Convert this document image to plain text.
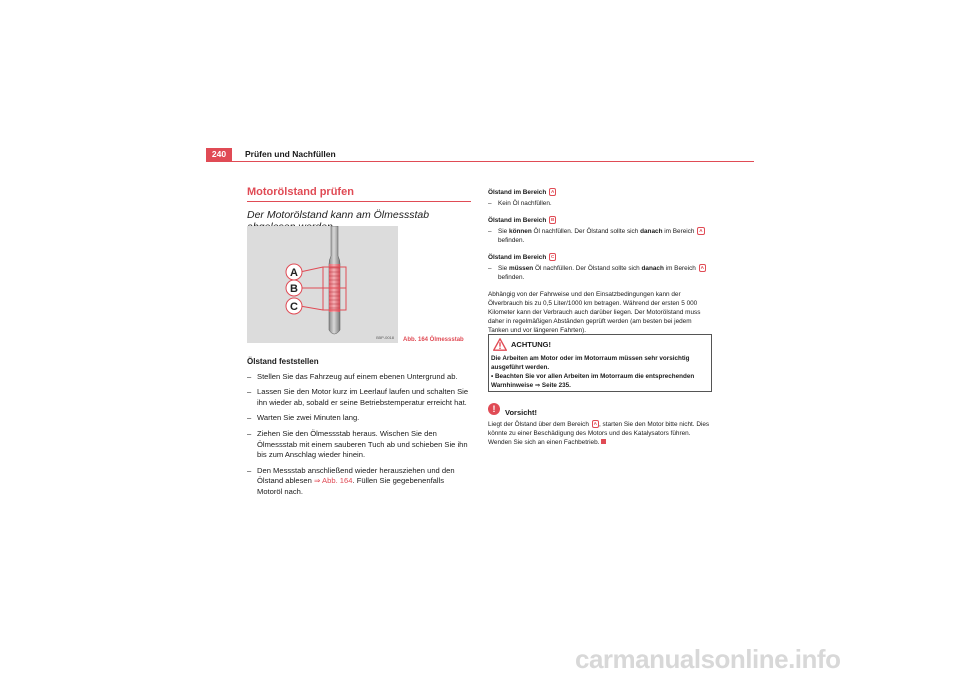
240	Prüfen und Nachfüllen
Motorölstand prüfen
Der Motorölstand kann am Ölmessstab
A
B
C
B5P-0018 Abb. 164 Ölmessstab
Ölstand feststellen
– Stellen Sie das Fahrzeug auf einem ebenen Untergrund ab.
– Lassen Sie den Motor kurz im Leerlauf laufen und schalten Sie ihn wieder ab, sobald er seine Betriebstemperatur erreicht hat.
– Warten Sie zwei Minuten lang.
– Ziehen Sie den Ölmessstab heraus. Wischen Sie den Ölmessstab mit einem sauberen Tuch ab und schieben Sie ihn bis zum Anschlag wieder hinein.
– Den Messstab anschließend wieder herausziehen und den Ölstand ablesen ⇒ Abb. 164. Füllen Sie gegebenenfalls Motoröl nach.
Ölstand im Bereich A
– Kein Öl nachfüllen.
Ölstand im Bereich B
– Sie können Öl nachfüllen. Der Ölstand sollte sich danach im Bereich A befinden.
Ölstand im Bereich C
– Sie müssen Öl nachfüllen. Der Ölstand sollte sich danach im Bereich A befinden.

Abhängig von der Fahrweise und den Einsatzbedingungen kann der Ölverbrauch bis zu 0,5 Liter/1000 km betragen. Während der ersten 5 000 Kilometer kann der Verbrauch auch darüber liegen. Der Motorölstand muss daher in regelmäßigen Abständen geprüft werden (am besten bei jedem Tanken und vor längeren Fahrten).

ACHTUNG!
Die Arbeiten am Motor oder im Motorraum müssen sehr vorsichtig ausgeführt werden.
• Beachten Sie vor allen Arbeiten im Motorraum die entsprechenden Warnhinweise ⇒ Seite 235.
!	Vorsicht!
Liegt der Ölstand über dem Bereich A , starten Sie den Motor bitte nicht. Dies könnte zu einer Beschädigung des Motors und des Katalysators führen. Wenden Sie sich an einen Fachbetrieb.
carmanualsonline.info
